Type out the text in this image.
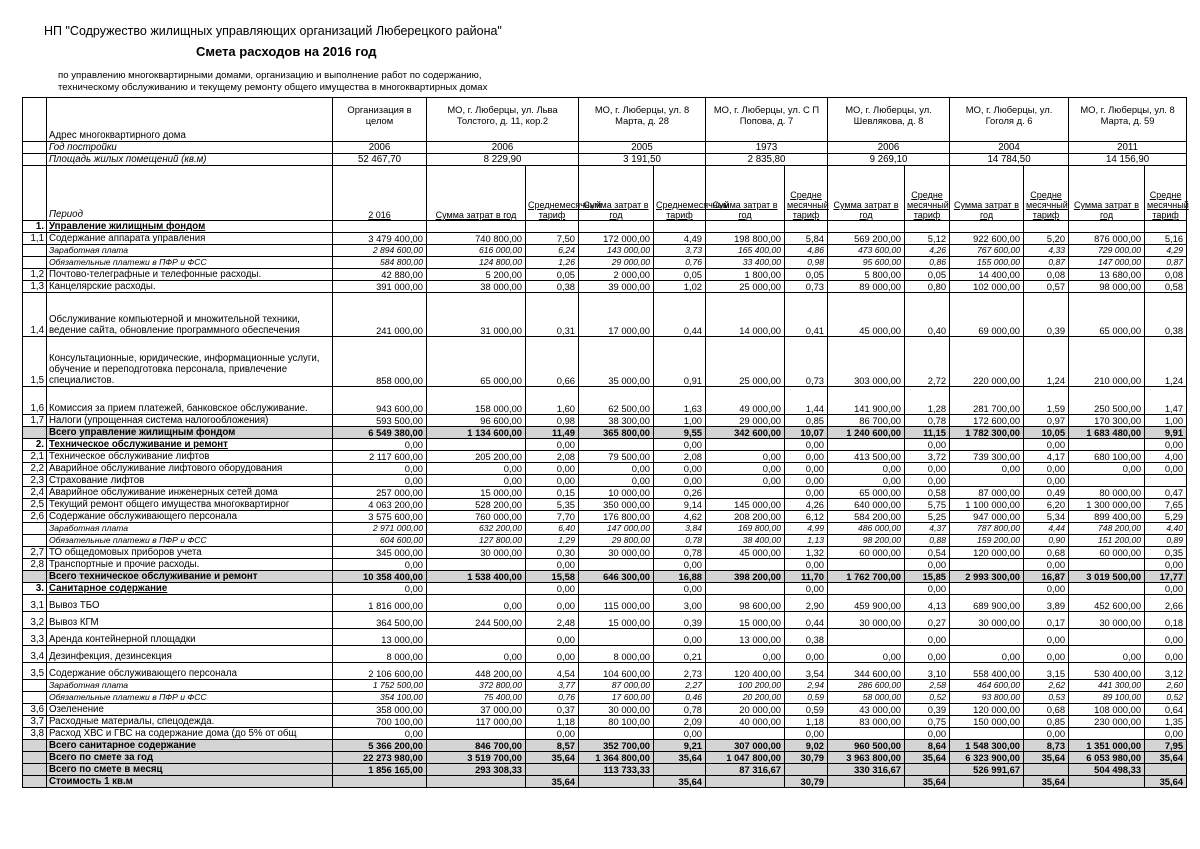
НП "Содружество жилищных управляющих организаций Люберецкого района"
Смета расходов на 2016 год
по управлению многоквартирными домами, организацию и выполнение работ по содержанию,
техническому обслуживанию и текущему ремонту общего имущества в многоквартирных домах
	Адрес многоквартирного дома	Организация в целом	МО, г. Люберцы, ул. Льва Толстого, д. 11, кор.2		МО, г. Люберцы, ул. 8 Марта, д. 28		МО, г. Люберцы, ул. С П Попова, д. 7		МО, г. Люберцы, ул. Шевлякова, д. 8		МО, г. Люберцы, ул. Гоголя д. 6		МО, г. Люберцы, ул. 8 Марта, д. 59	
	Год постройки	2006	2006		2005		1973		2006		2004		2011	
	Площадь жилых помещений (кв.м)	52 467,70	8 229,90		3 191,50		2 835,80		9 269,10		14 784,50		14 156,90	
	Период	2 016	Сумма затрат в год	Среднемесячный тариф	Сумма затрат в год	Среднемесячный тариф	Сумма затрат в год	Средне месячный тариф	Сумма затрат в год	Средне месячный тариф	Сумма затрат в год	Средне месячный тариф	Сумма затрат в год	Средне месячный тариф
1.	Управление жилищным фондом													
1,1	Содержание аппарата управления	3 479 400,00	740 800,00	7,50	172 000,00	4,49	198 800,00	5,84	569 200,00	5,12	922 600,00	5,20	876 000,00	5,16
	Заработная плата	2 894 600,00	616 000,00	6,24	143 000,00	3,73	165 400,00	4,86	473 600,00	4,26	767 600,00	4,33	729 000,00	4,29
	Обязательные платежи в ПФР и ФСС	584 800,00	124 800,00	1,26	29 000,00	0,76	33 400,00	0,98	95 600,00	0,86	155 000,00	0,87	147 000,00	0,87
1,2	Почтово-телеграфные и телефонные расходы.	42 880,00	5 200,00	0,05	2 000,00	0,05	1 800,00	0,05	5 800,00	0,05	14 400,00	0,08	13 680,00	0,08
1,3	Канцелярские расходы.	391 000,00	38 000,00	0,38	39 000,00	1,02	25 000,00	0,73	89 000,00	0,80	102 000,00	0,57	98 000,00	0,58
1,4	Обслуживание компьютерной и множительной техники, ведение сайта, обновление программного обеспечения	241 000,00	31 000,00	0,31	17 000,00	0,44	14 000,00	0,41	45 000,00	0,40	69 000,00	0,39	65 000,00	0,38
1,5	Консультационные, юридические, информационные услуги, обучение и переподготовка персонала, привлечение специалистов.	858 000,00	65 000,00	0,66	35 000,00	0,91	25 000,00	0,73	303 000,00	2,72	220 000,00	1,24	210 000,00	1,24
1,6	Комиссия за прием платежей, банковское обслуживание.	943 600,00	158 000,00	1,60	62 500,00	1,63	49 000,00	1,44	141 900,00	1,28	281 700,00	1,59	250 500,00	1,47
1,7	Налоги (упрощенная система налогообложения)	593 500,00	96 600,00	0,98	38 300,00	1,00	29 000,00	0,85	86 700,00	0,78	172 600,00	0,97	170 300,00	1,00
	Всего управление жилищным фондом	6 549 380,00	1 134 600,00	11,49	365 800,00	9,55	342 600,00	10,07	1 240 600,00	11,15	1 782 300,00	10,05	1 683 480,00	9,91
2.	Техническое обслуживание и ремонт	0,00		0,00		0,00		0,00		0,00		0,00		0,00
2,1	Техническое обслуживание лифтов	2 117 600,00	205 200,00	2,08	79 500,00	2,08	0,00	0,00	413 500,00	3,72	739 300,00	4,17	680 100,00	4,00
2,2	Аварийное обслуживание лифтового оборудования	0,00	0,00	0,00	0,00	0,00	0,00	0,00	0,00	0,00	0,00	0,00	0,00	0,00
2,3	Страхование лифтов	0,00	0,00	0,00	0,00	0,00	0,00	0,00	0,00	0,00		0,00		
2,4	Аварийное обслуживание инженерных сетей дома	257 000,00	15 000,00	0,15	10 000,00	0,26		0,00	65 000,00	0,58	87 000,00	0,49	80 000,00	0,47
2,5	Текущий ремонт общего имущества многоквартирног	4 063 200,00	528 200,00	5,35	350 000,00	9,14	145 000,00	4,26	640 000,00	5,75	1 100 000,00	6,20	1 300 000,00	7,65
2,6	Содержание обслуживающего персонала	3 575 600,00	760 000,00	7,70	176 800,00	4,62	208 200,00	6,12	584 200,00	5,25	947 000,00	5,34	899 400,00	5,29
	Заработная плата	2 971 000,00	632 200,00	6,40	147 000,00	3,84	169 800,00	4,99	486 000,00	4,37	787 800,00	4,44	748 200,00	4,40
	Обязательные платежи в ПФР и ФСС	604 600,00	127 800,00	1,29	29 800,00	0,78	38 400,00	1,13	98 200,00	0,88	159 200,00	0,90	151 200,00	0,89
2,7	ТО общедомовых приборов учета	345 000,00	30 000,00	0,30	30 000,00	0,78	45 000,00	1,32	60 000,00	0,54	120 000,00	0,68	60 000,00	0,35
2,8	Транспортные и прочие расходы.	0,00		0,00		0,00		0,00		0,00		0,00		0,00
	Всего техническое обслуживание и ремонт	10 358 400,00	1 538 400,00	15,58	646 300,00	16,88	398 200,00	11,70	1 762 700,00	15,85	2 993 300,00	16,87	3 019 500,00	17,77
3.	Санитарное содержание	0,00		0,00		0,00		0,00		0,00		0,00		0,00
3,1	Вывоз ТБО	1 816 000,00	0,00	0,00	115 000,00	3,00	98 600,00	2,90	459 900,00	4,13	689 900,00	3,89	452 600,00	2,66
3,2	Вывоз КГМ	364 500,00	244 500,00	2,48	15 000,00	0,39	15 000,00	0,44	30 000,00	0,27	30 000,00	0,17	30 000,00	0,18
3,3	Аренда контейнерной площадки	13 000,00		0,00		0,00	13 000,00	0,38		0,00		0,00		0,00
3,4	Дезинфекция, дезинсекция	8 000,00	0,00	0,00	8 000,00	0,21	0,00	0,00	0,00	0,00	0,00	0,00	0,00	0,00
3,5	Содержание обслуживающего персонала	2 106 600,00	448 200,00	4,54	104 600,00	2,73	120 400,00	3,54	344 600,00	3,10	558 400,00	3,15	530 400,00	3,12
	Заработная плата	1 752 500,00	372 800,00	3,77	87 000,00	2,27	100 200,00	2,94	286 600,00	2,58	464 600,00	2,62	441 300,00	2,60
	Обязательные платежи в ПФР и ФСС	354 100,00	75 400,00	0,76	17 600,00	0,46	20 200,00	0,59	58 000,00	0,52	93 800,00	0,53	89 100,00	0,52
3,6	Озеленение	358 000,00	37 000,00	0,37	30 000,00	0,78	20 000,00	0,59	43 000,00	0,39	120 000,00	0,68	108 000,00	0,64
3,7	Расходные материалы, спецодежда.	700 100,00	117 000,00	1,18	80 100,00	2,09	40 000,00	1,18	83 000,00	0,75	150 000,00	0,85	230 000,00	1,35
3,8	Расход ХВС и ГВС на содержание дома (до 5% от общ	0,00		0,00		0,00		0,00		0,00		0,00		0,00
	Всего санитарное содержание	5 366 200,00	846 700,00	8,57	352 700,00	9,21	307 000,00	9,02	960 500,00	8,64	1 548 300,00	8,73	1 351 000,00	7,95
	Всего по смете за год	22 273 980,00	3 519 700,00	35,64	1 364 800,00	35,64	1 047 800,00	30,79	3 963 800,00	35,64	6 323 900,00	35,64	6 053 980,00	35,64
	Всего по смете в месяц	1 856 165,00	293 308,33		113 733,33		87 316,67		330 316,67		526 991,67		504 498,33	
	Стоимость 1 кв.м			35,64		35,64		30,79		35,64		35,64		35,64
